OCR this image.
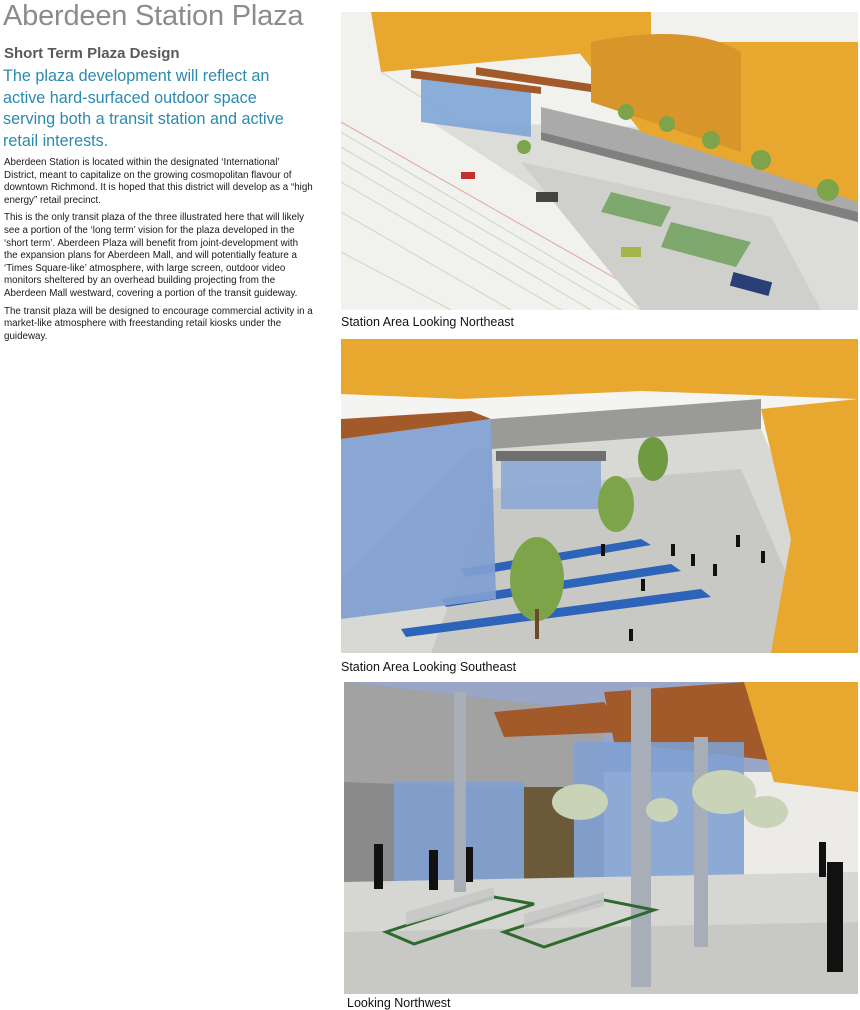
Aberdeen Station Plaza
Short Term Plaza Design
The plaza development will reflect an active hard-surfaced outdoor space serving both a transit station and active retail interests.

Aberdeen Station is located within the designated ‘International’ District, meant to capitalize on the growing cosmopolitan flavour of downtown Richmond. It is hoped that this district will develop as a “high energy” retail precinct.

This is the only transit plaza of the three illustrated here that will likely see a portion of the ‘long term’ vision for the plaza developed in the ‘short term’. Aberdeen Plaza will benefit from joint-development with the expansion plans for Aberdeen Mall, and will potentially feature a ‘Times Square-like’ atmosphere, with large screen, outdoor video monitors sheltered by an overhead building projecting from the Aberdeen Mall westward, covering a portion of the transit guideway.

The transit plaza will be designed to encourage commercial activity in a market-like atmosphere with freestanding retail kiosks under the guideway.

Station Area Looking Northeast
Station Area Looking Southeast
Looking Northwest
